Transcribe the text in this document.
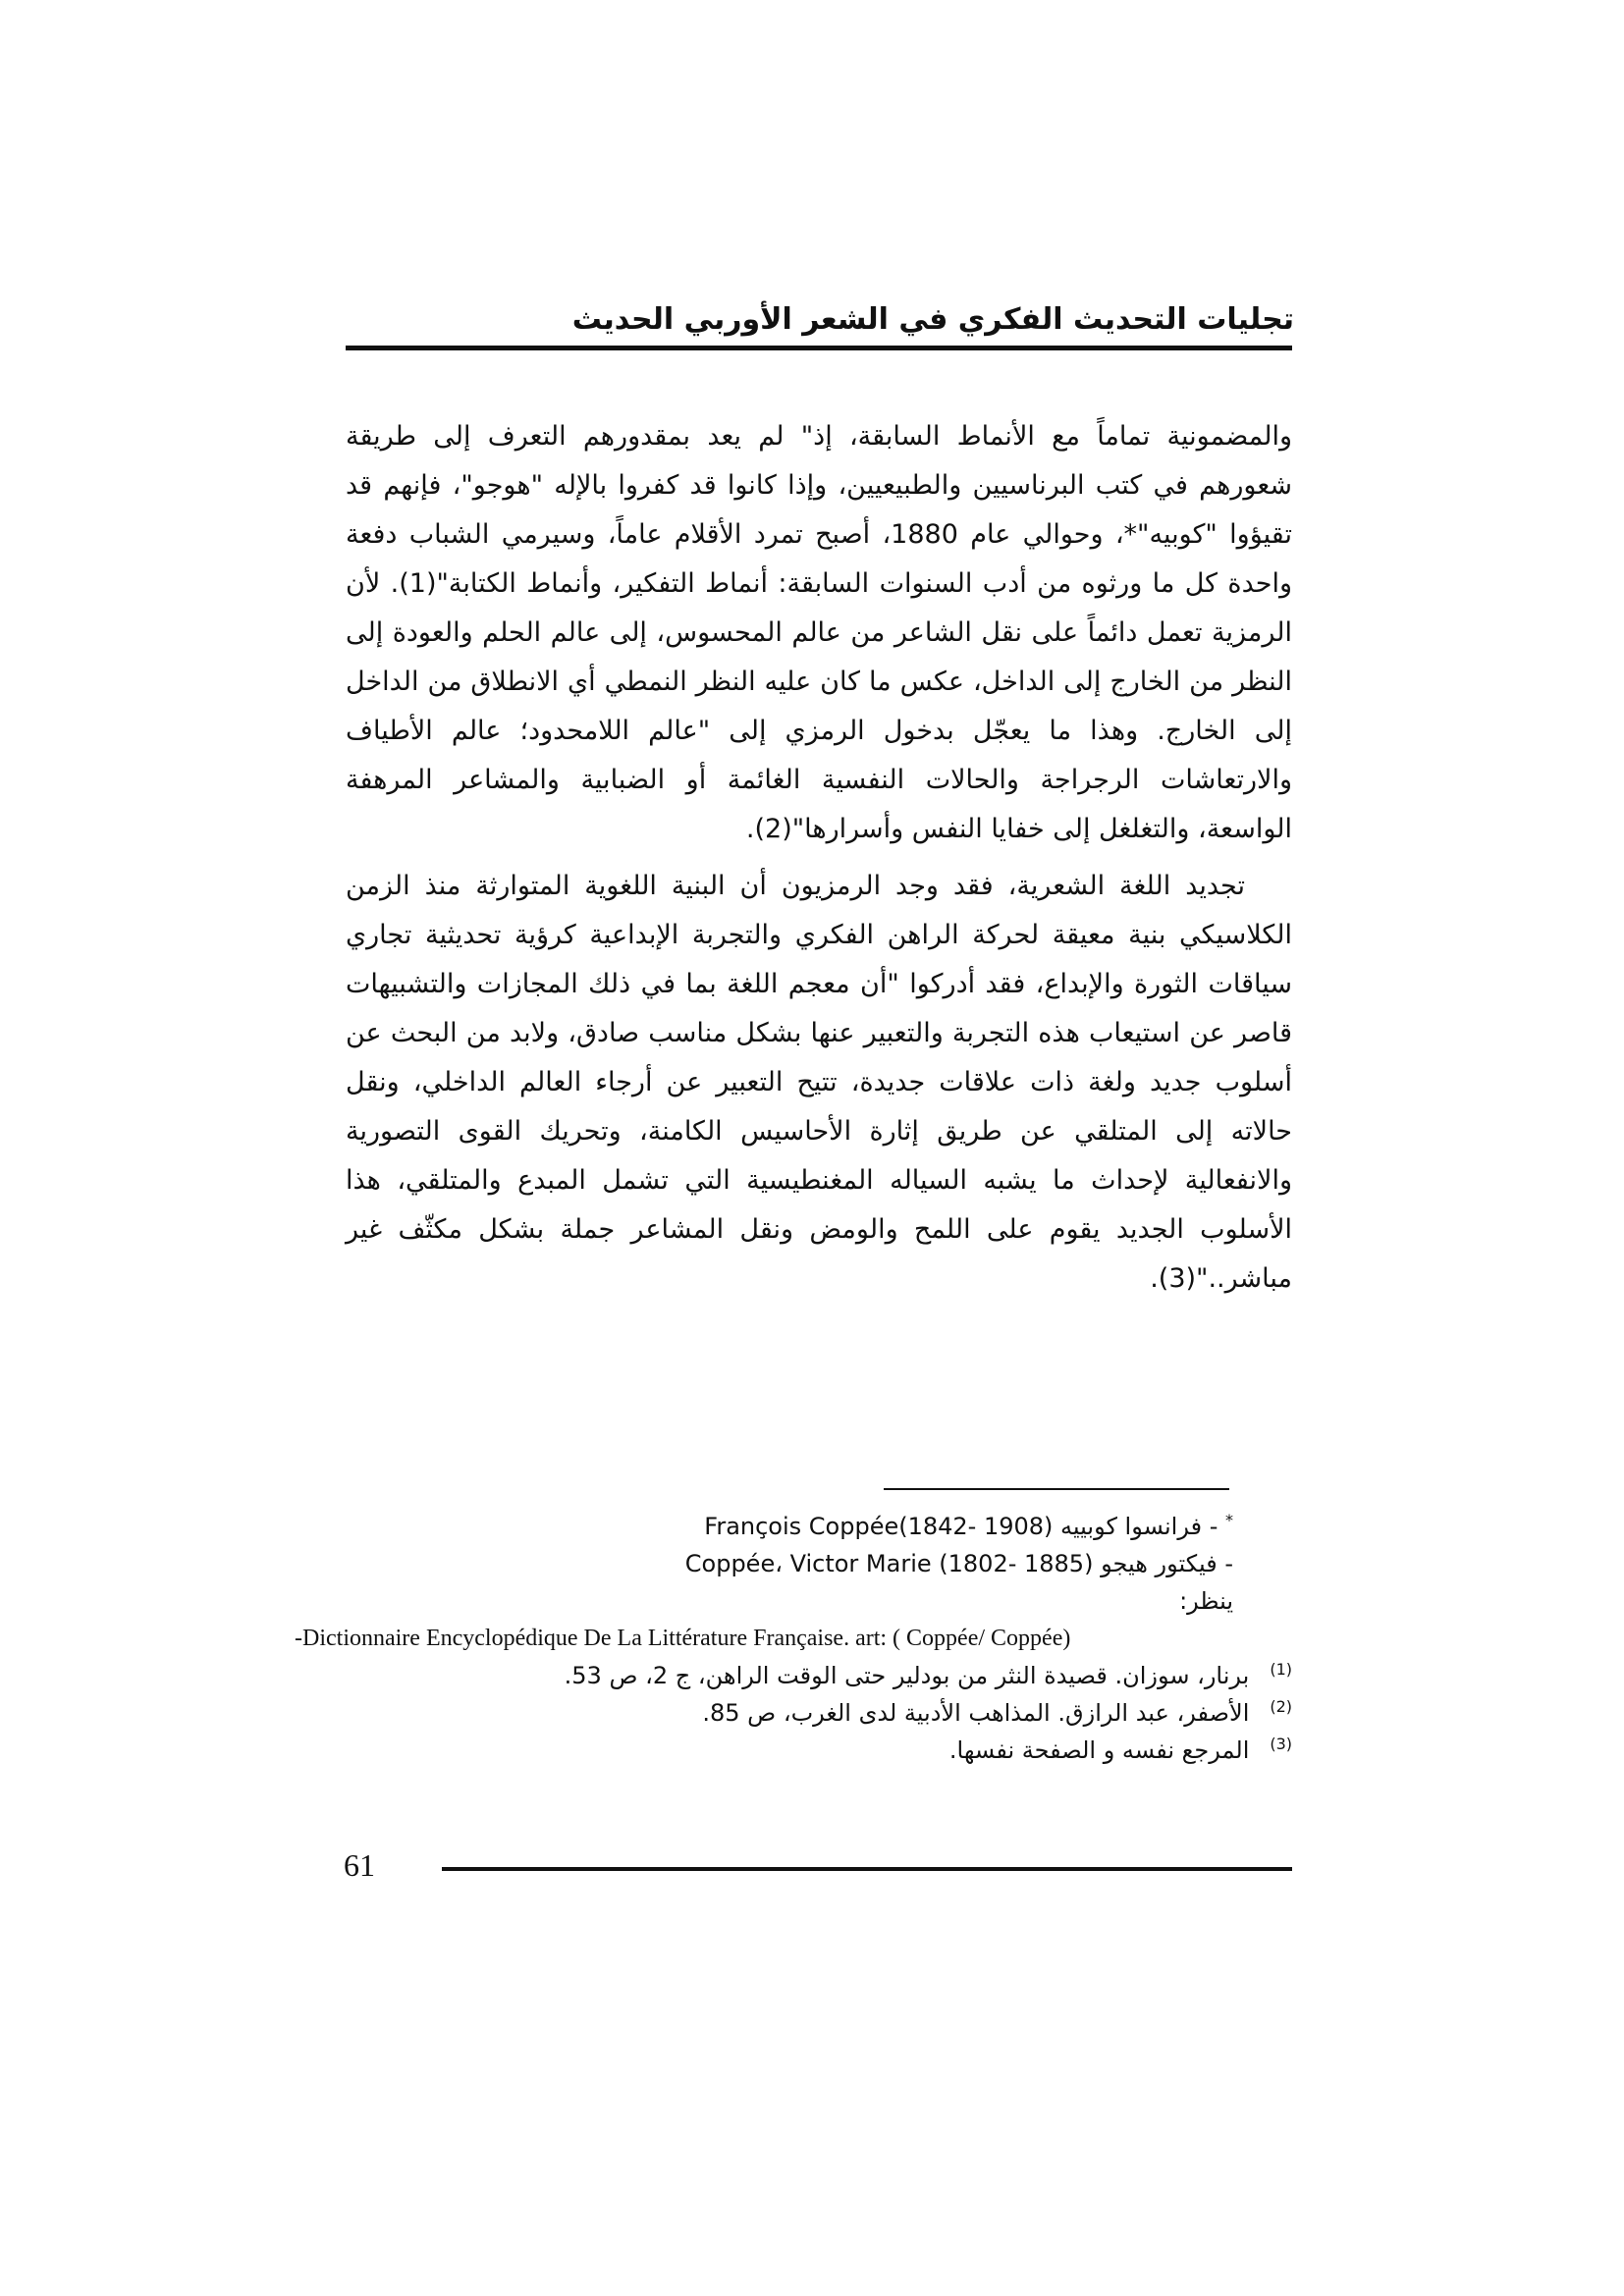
تجليات التحديث الفكري في الشعر الأوربي الحديث

والمضمونية تماماً مع الأنماط السابقة، إذ" لم يعد بمقدورهم التعرف إلى طريقة شعورهم في كتب البرناسيين والطبيعيين، وإذا كانوا قد كفروا بالإله "هوجو"، فإنهم قد تقيؤوا "كوبيه"*، وحوالي عام 1880، أصبح تمرد الأقلام عاماً، وسيرمي الشباب دفعة واحدة كل ما ورثوه من أدب السنوات السابقة: أنماط التفكير، وأنماط الكتابة"(1). لأن الرمزية تعمل دائماً على نقل الشاعر من عالم المحسوس، إلى عالم الحلم والعودة إلى النظر من الخارج إلى الداخل، عكس ما كان عليه النظر النمطي أي الانطلاق من الداخل إلى الخارج. وهذا ما يعجّل بدخول الرمزي إلى "عالم اللامحدود؛ عالم الأطياف والارتعاشات الرجراجة والحالات النفسية الغائمة أو الضبابية والمشاعر المرهفة الواسعة، والتغلغل إلى خفايا النفس وأسرارها"(2).

تجديد اللغة الشعرية، فقد وجد الرمزيون أن البنية اللغوية المتوارثة منذ الزمن الكلاسيكي بنية معيقة لحركة الراهن الفكري والتجربة الإبداعية كرؤية تحديثية تجاري سياقات الثورة والإبداع، فقد أدركوا "أن معجم اللغة بما في ذلك المجازات والتشبيهات قاصر عن استيعاب هذه التجربة والتعبير عنها بشكل مناسب صادق، ولابد من البحث عن أسلوب جديد ولغة ذات علاقات جديدة، تتيح التعبير عن أرجاء العالم الداخلي، ونقل حالاته إلى المتلقي عن طريق إثارة الأحاسيس الكامنة، وتحريك القوى التصورية والانفعالية لإحداث ما يشبه السياله المغنطيسية التي تشمل المبدع والمتلقي، هذا الأسلوب الجديد يقوم على اللمح والومض ونقل المشاعر جملة بشكل مكثّف غير مباشر.."(3).

* - فرانسوا كوبييه François Coppée(1842- 1908)
- فيكتور هيجو Coppée، Victor Marie (1802- 1885)
ينظر:
-Dictionnaire Encyclopédique De La Littérature Française. art: ( Coppée/ Coppée)
$^{(1)}$ برنار، سوزان. قصيدة النثر من بودلير حتى الوقت الراهن، ج 2، ص 53.
$^{(2)}$ الأصفر، عبد الرازق. المذاهب الأدبية لدى الغرب، ص 85.
$^{(3)}$ المرجع نفسه و الصفحة نفسها.
61
